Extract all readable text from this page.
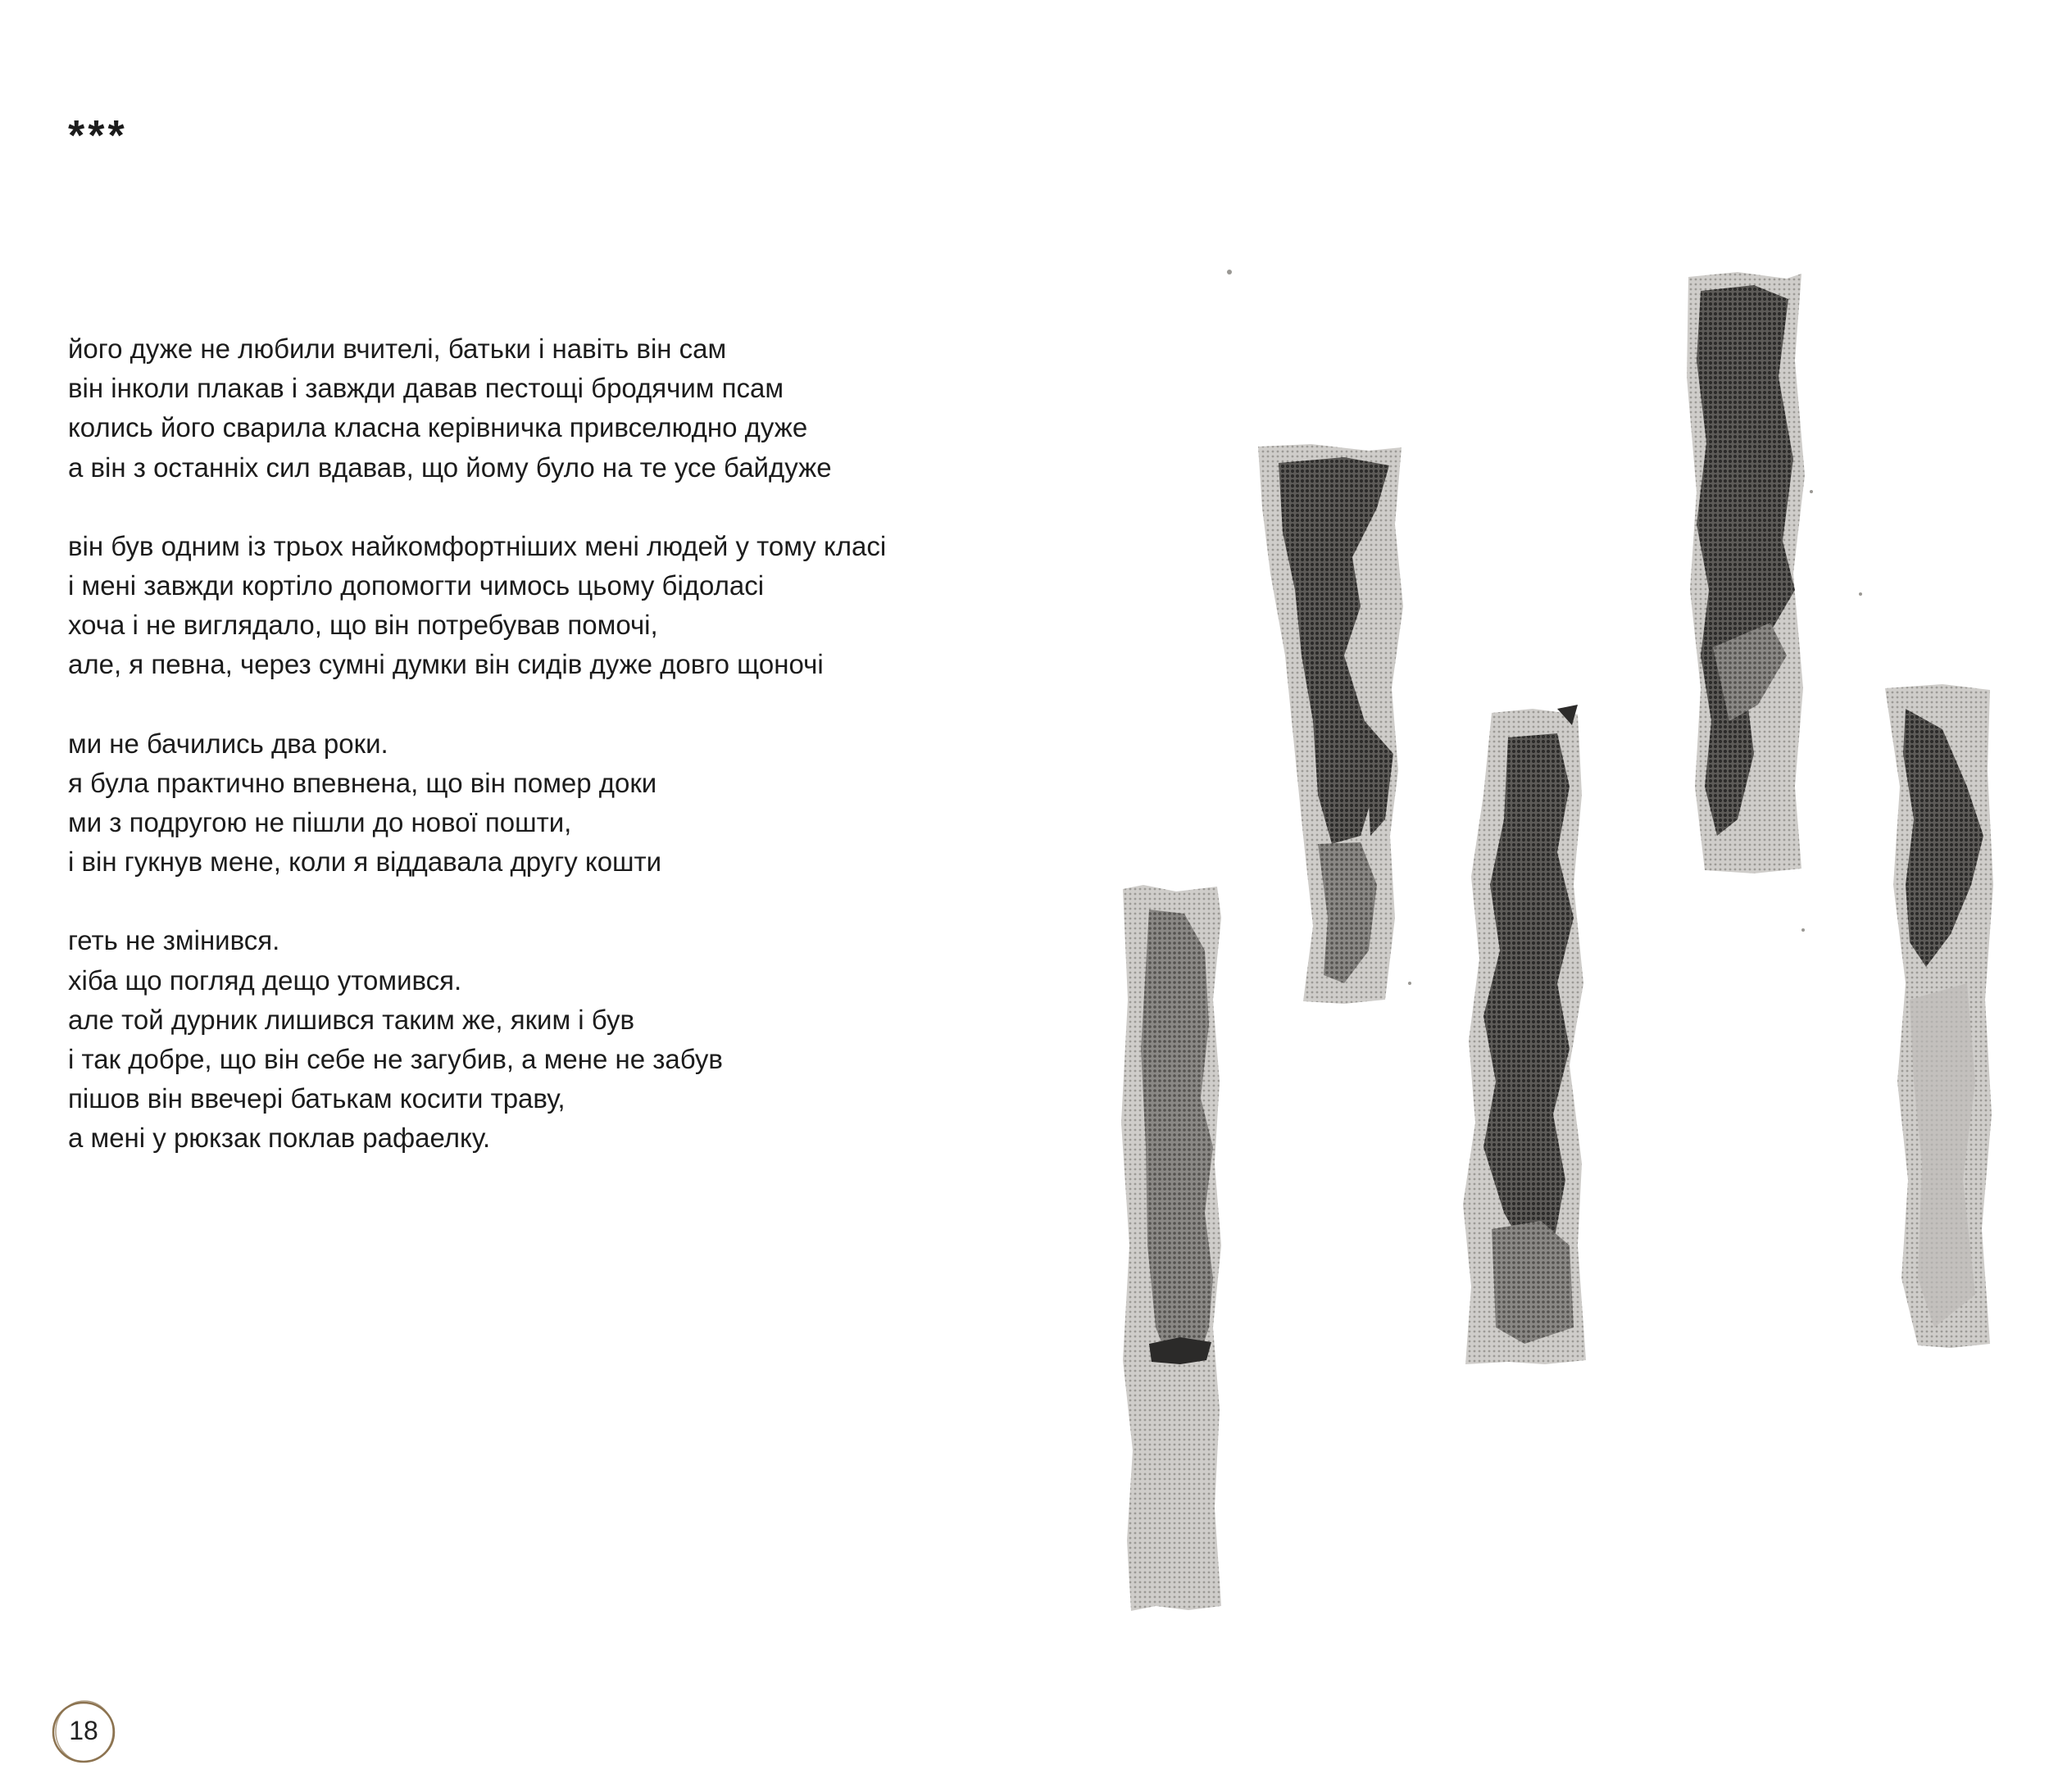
***
його дуже не любили вчителі, батьки і навіть він сам
він інколи плакав і завжди давав пестощі бродячим псам
колись його сварила класна керівничка привселюдно дуже
а він з останніх сил вдавав, що йому було на те усе байдуже
він був одним із трьох найкомфортніших мені людей у тому класі
і мені завжди кортіло допомогти чимось цьому бідоласі
хоча і не виглядало, що він потребував помочі,
але, я певна, через сумні думки він сидів дуже довго щоночі
ми не бачились два роки.
я була практично впевнена, що він помер доки
ми з подругою не пішли до нової пошти,
і він гукнув мене, коли я віддавала другу кошти
геть не змінився.
хіба що погляд дещо утомився.
але той дурник лишився таким же, яким і був
і так добре, що він себе не загубив, а мене не забув
пішов він ввечері батькам косити траву,
а мені у рюкзак поклав рафаелку.
18
